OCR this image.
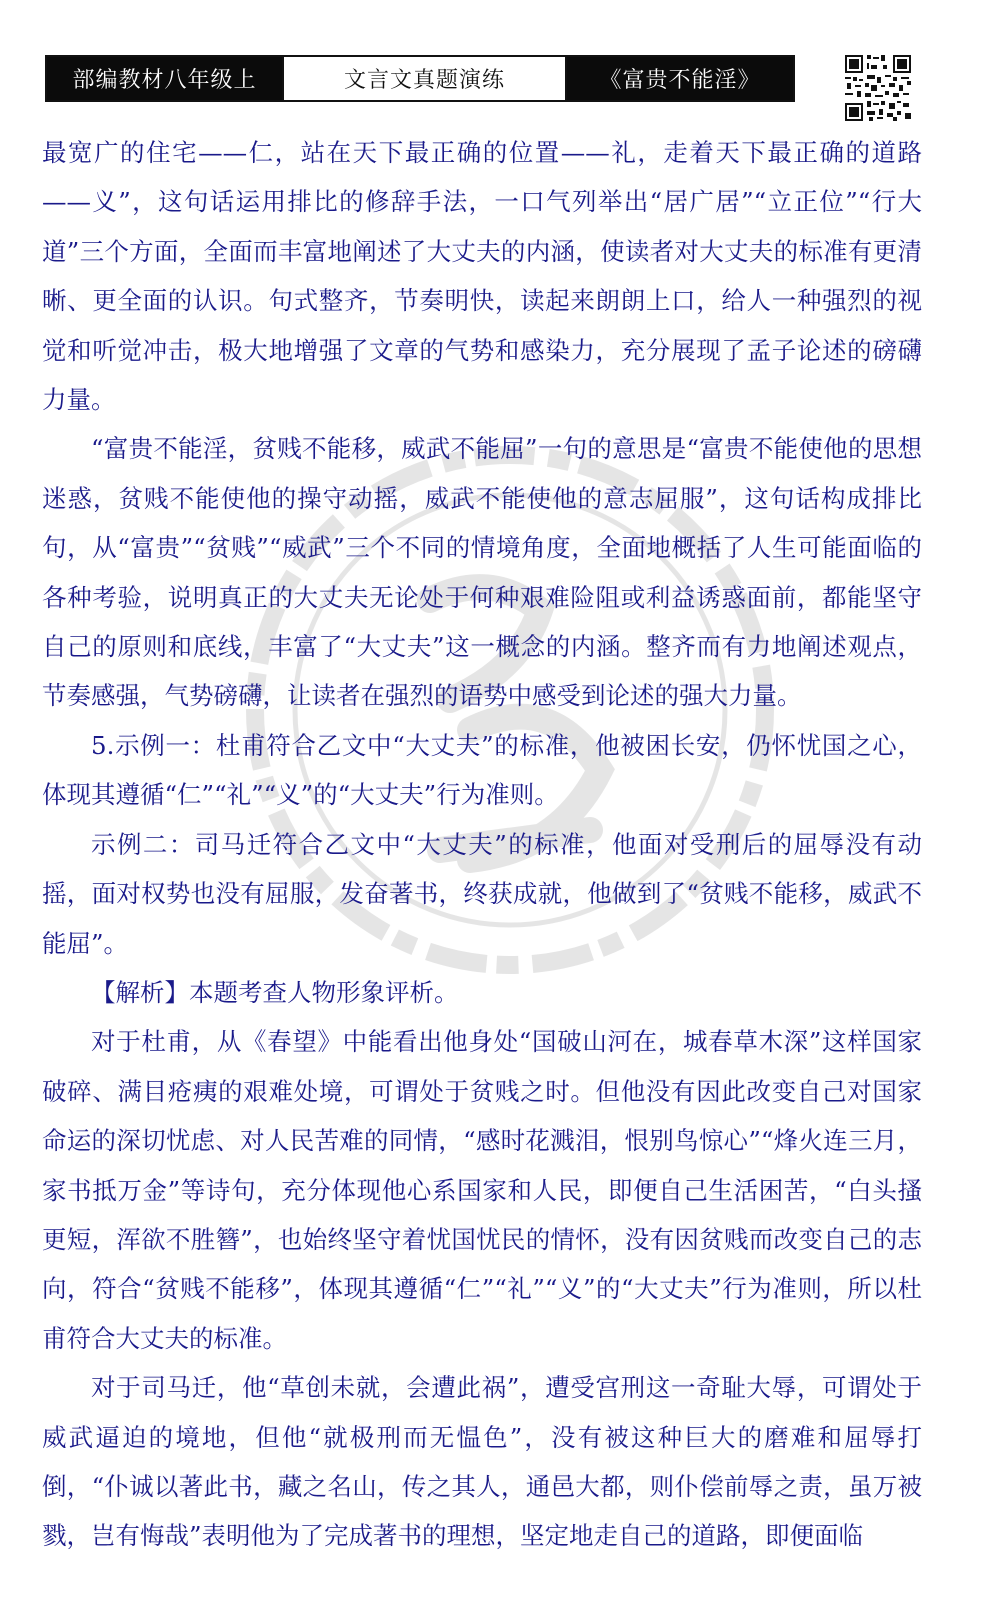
部编教材八年级上	文言文真题演练	《富贵不能淫》

最宽广的住宅——仁，站在天下最正确的位置——礼，走着天下最正确的道路——义”，这句话运用排比的修辞手法，一口气列举出“居广居”“立正位”“行大道”三个方面，全面而丰富地阐述了大丈夫的内涵，使读者对大丈夫的标准有更清晰、更全面的认识。句式整齐，节奏明快，读起来朗朗上口，给人一种强烈的视觉和听觉冲击，极大地增强了文章的气势和感染力，充分展现了孟子论述的磅礴力量。

“富贵不能淫，贫贱不能移，威武不能屈”一句的意思是“富贵不能使他的思想迷惑，贫贱不能使他的操守动摇，威武不能使他的意志屈服”，这句话构成排比句，从“富贵”“贫贱”“威武”三个不同的情境角度，全面地概括了人生可能面临的各种考验，说明真正的大丈夫无论处于何种艰难险阻或利益诱惑面前，都能坚守自己的原则和底线，丰富了“大丈夫”这一概念的内涵。整齐而有力地阐述观点，节奏感强，气势磅礴，让读者在强烈的语势中感受到论述的强大力量。

5.示例一：杜甫符合乙文中“大丈夫”的标准，他被困长安，仍怀忧国之心，体现其遵循“仁”“礼”“义”的“大丈夫”行为准则。

示例二：司马迁符合乙文中“大丈夫”的标准，他面对受刑后的屈辱没有动摇，面对权势也没有屈服，发奋著书，终获成就，他做到了“贫贱不能移，威武不能屈”。

【解析】本题考查人物形象评析。

对于杜甫，从《春望》中能看出他身处“国破山河在，城春草木深”这样国家破碎、满目疮痍的艰难处境，可谓处于贫贱之时。但他没有因此改变自己对国家命运的深切忧虑、对人民苦难的同情，“感时花溅泪，恨别鸟惊心”“烽火连三月，家书抵万金”等诗句，充分体现他心系国家和人民，即便自己生活困苦，“白头搔更短，浑欲不胜簪”，也始终坚守着忧国忧民的情怀，没有因贫贱而改变自己的志向，符合“贫贱不能移”，体现其遵循“仁”“礼”“义”的“大丈夫”行为准则，所以杜甫符合大丈夫的标准。

对于司马迁，他“草创未就，会遭此祸”，遭受宫刑这一奇耻大辱，可谓处于威武逼迫的境地，但他“就极刑而无愠色”，没有被这种巨大的磨难和屈辱打倒，“仆诚以著此书，藏之名山，传之其人，通邑大都，则仆偿前辱之责，虽万被戮，岂有悔哉”表明他为了完成著书的理想，坚定地走自己的道路，即便面临
